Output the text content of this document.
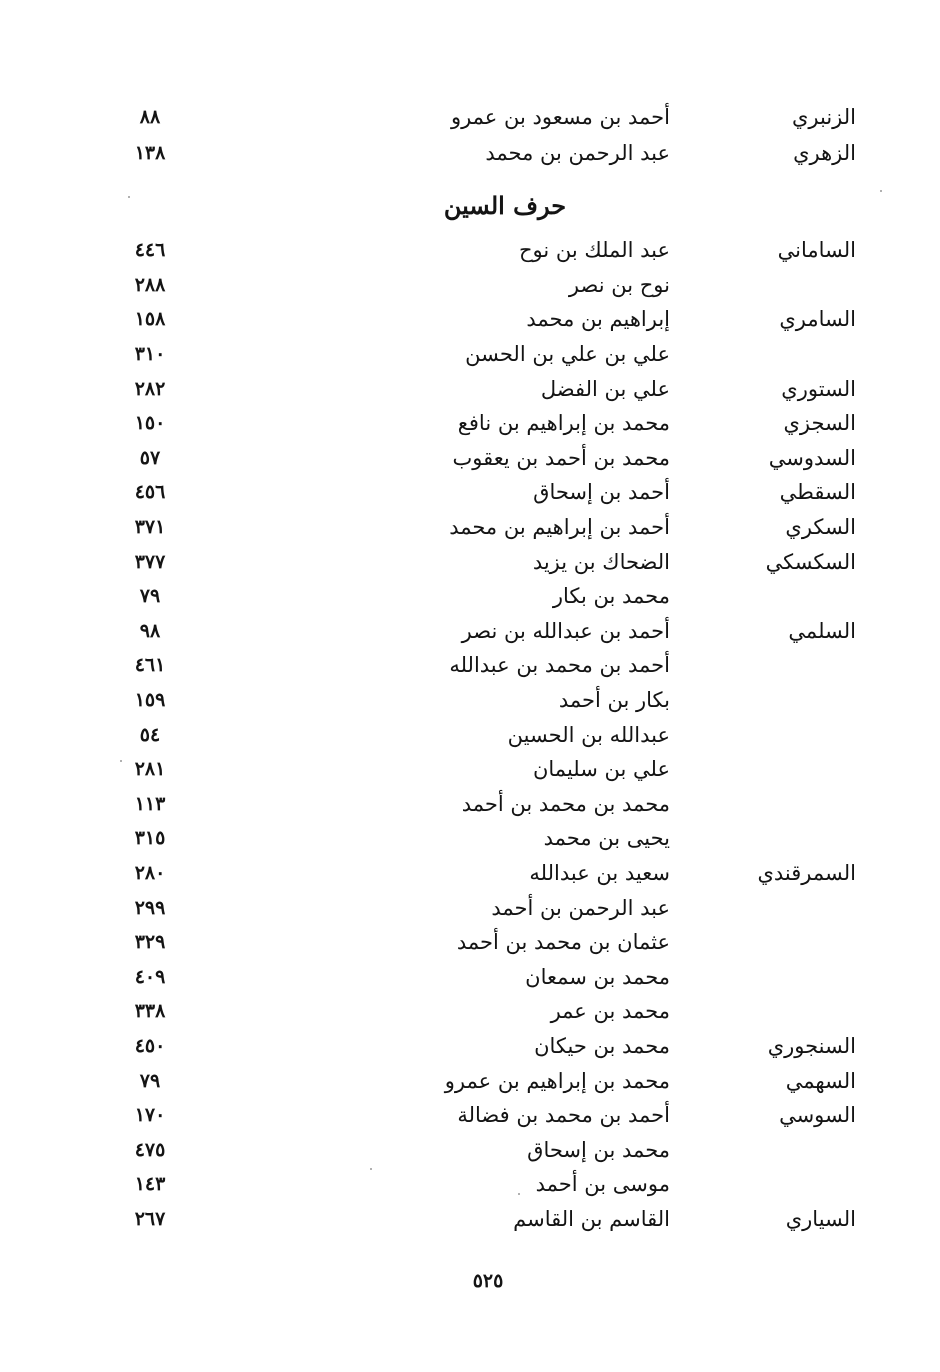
الزنبري
أحمد بن مسعود بن عمرو
٨٨
الزهري
عبد الرحمن بن محمد
١٣٨
حرف السين
الساماني
عبد الملك بن نوح
٤٤٦
نوح بن نصر
٢٨٨
السامري
إبراهيم بن محمد
١٥٨
علي بن علي بن الحسن
٣١٠
الستوري
علي بن الفضل
٢٨٢
السجزي
محمد بن إبراهيم بن نافع
١٥٠
السدوسي
محمد بن أحمد بن يعقوب
٥٧
السقطي
أحمد بن إسحاق
٤٥٦
السكري
أحمد بن إبراهيم بن محمد
٣٧١
السكسكي
الضحاك بن يزيد
٣٧٧
محمد بن بكار
٧٩
السلمي
أحمد بن عبدالله بن نصر
٩٨
أحمد بن محمد بن عبدالله
٤٦١
بكار بن أحمد
١٥٩
عبدالله بن الحسين
٥٤
علي بن سليمان
٢٨١
محمد بن محمد بن أحمد
١١٣
يحيى بن محمد
٣١٥
السمرقندي
سعيد بن عبدالله
٢٨٠
عبد الرحمن بن أحمد
٢٩٩
عثمان بن محمد بن أحمد
٣٢٩
محمد بن سمعان
٤٠٩
محمد بن عمر
٣٣٨
السنجوري
محمد بن حيكان
٤٥٠
السهمي
محمد بن إبراهيم بن عمرو
٧٩
السوسي
أحمد بن محمد بن فضالة
١٧٠
محمد بن إسحاق
٤٧٥
موسى بن أحمد
١٤٣
السياري
القاسم بن القاسم
٢٦٧
٥٢٥
